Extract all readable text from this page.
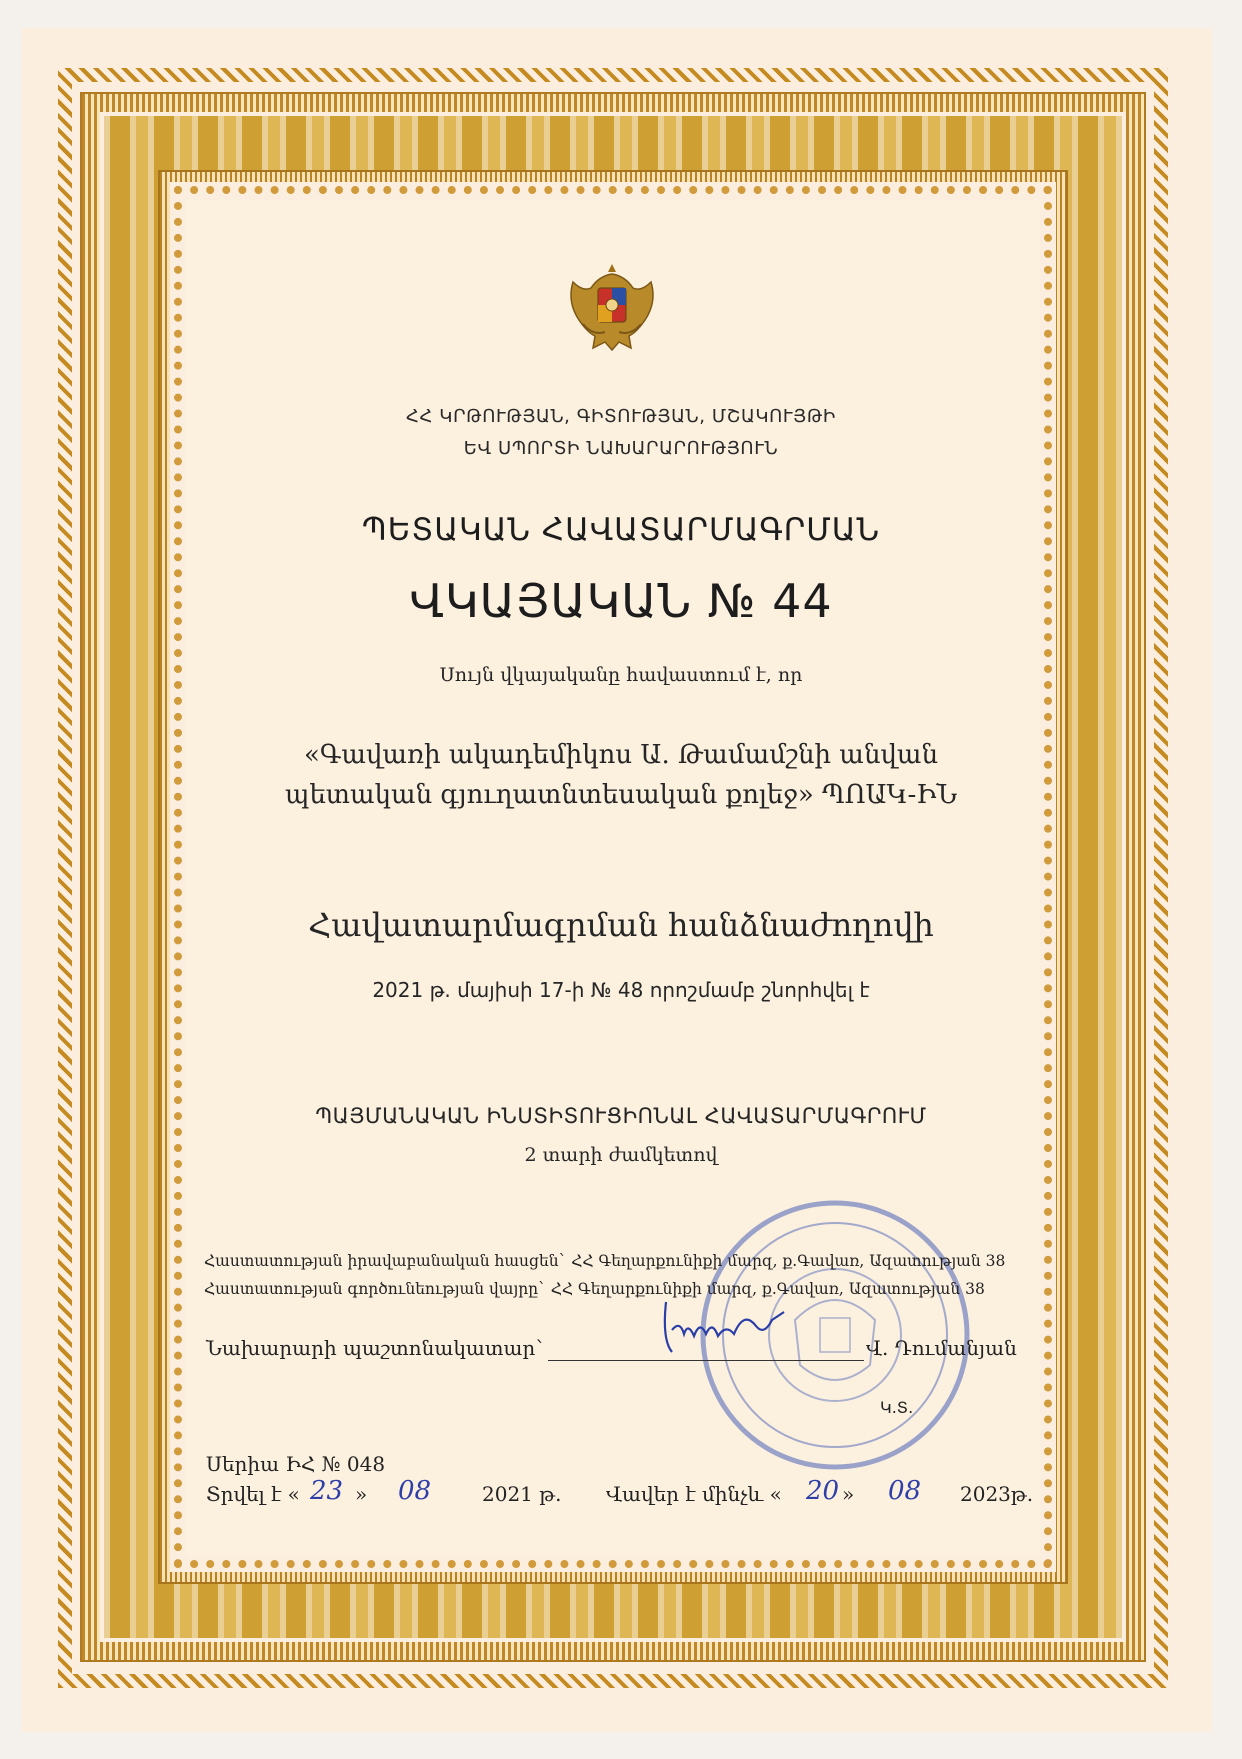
ՀՀ ԿՐԹՈՒԹՅԱՆ, ԳԻՏՈՒԹՅԱՆ, ՄՇԱԿՈՒՅԹԻ
ԵՎ ՍՊՈՐՏԻ ՆԱԽԱՐԱՐՈՒԹՅՈՒՆ
ՊԵՏԱԿԱՆ ՀԱՎԱՏԱՐՄԱԳՐՄԱՆ
ՎԿԱՅԱԿԱՆ № 44
Սույն վկայականը հավաստում է, որ
«Գավառի ակադեմիկոս Ա. Թամամշնի անվան
պետական գյուղատնտեսական քոլեջ» ՊՈԱԿ-ԻՆ
Հավատարմագրման հանձնաժողովի
2021 թ. մայիսի 17-ի № 48 որոշմամբ շնորհվել է
ՊԱՅՄԱՆԱԿԱՆ ԻՆՍՏԻՏՈՒՑԻՈՆԱԼ ՀԱՎԱՏԱՐՄԱԳՐՈՒՄ
2 տարի ժամկետով
Հաստատության իրավաբանական հասցեն` ՀՀ Գեղարքունիքի մարզ, ք.Գավառ, Ազատության 38
Հաստատության գործունեության վայրը` ՀՀ Գեղարքունիքի մարզ, ք.Գավառ, Ազատության 38
Նախարարի պաշտոնակատար`	Վ. Դումանյան
Կ.Տ.
Սերիա ԻՀ № 048
Տրվել է « 23 » 08	2021 թ. Վավեր է մինչև « 20 » 08 2023թ.
